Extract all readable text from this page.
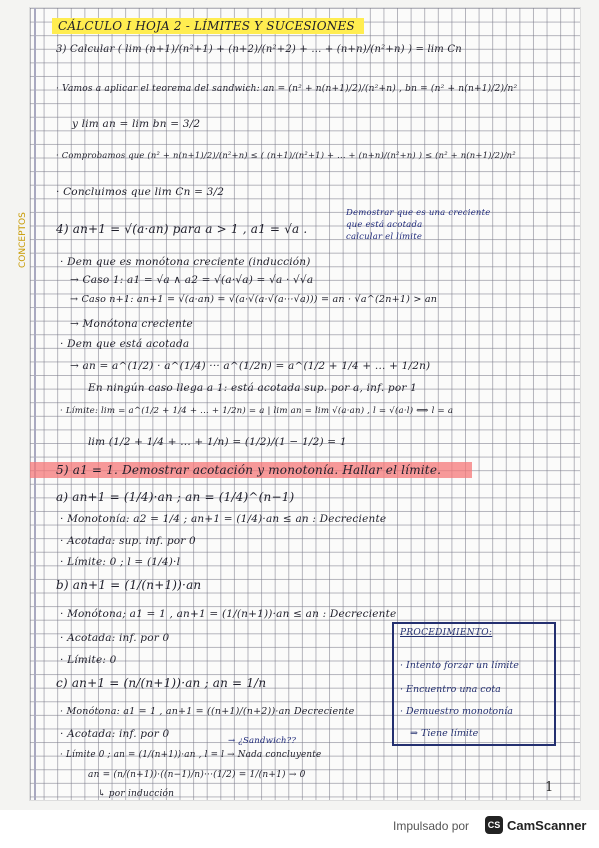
CÁLCULO I HOJA 2 - LÍMITES Y SUCESIONES
CONCEPTOS
3) Calcular ( lim (n+1)/(n²+1) + (n+2)/(n²+2) + ... + (n+n)/(n²+n) ) = lim Cn
· Vamos a aplicar el teorema del sandwich: an = (n² + n(n+1)/2)/(n²+n) , bn = (n² + n(n+1)/2)/n²
y lim an = lim bn = 3/2
· Comprobamos que (n² + n(n+1)/2)/(n²+n) ≤ ( (n+1)/(n²+1) + ... + (n+n)/(n²+n) ) ≤ (n² + n(n+1)/2)/n²
· Concluimos que lim Cn = 3/2
4) an+1 = √(a·an) para a > 1 , a1 = √a .
Demostrar que es una creciente
que está acotada
calcular el límite
· Dem que es monótona creciente (inducción)
→ Caso 1: a1 = √a ∧ a2 = √(a·√a) = √a · √√a
→ Caso n+1: an+1 = √(a·an) = √(a·√(a·√(a···√a))) = an · √a^(2n+1) > an
→ Monótona creciente
· Dem que está acotada
→ an = a^(1/2) · a^(1/4) ··· a^(1/2n) = a^(1/2 + 1/4 + ... + 1/2n)
En ningún caso llega a 1: está acotada sup. por a, inf. por 1
· Límite: lim = a^(1/2 + 1/4 + ... + 1/2n) = a | lim an = lim √(a·an) , l = √(a·l) ⟺ l = a
lim (1/2 + 1/4 + ... + 1/n) = (1/2)/(1 − 1/2) = 1
5) a1 = 1. Demostrar acotación y monotonía. Hallar el límite.
a) an+1 = (1/4)·an ; an = (1/4)^(n−1)
· Monotonía: a2 = 1/4 ; an+1 = (1/4)·an ≤ an : Decreciente
· Acotada: sup. inf. por 0
· Límite: 0 ; l = (1/4)·l
b) an+1 = (1/(n+1))·an
· Monótona; a1 = 1 , an+1 = (1/(n+1))·an ≤ an : Decreciente
· Acotada: inf. por 0
· Límite: 0
c) an+1 = (n/(n+1))·an ; an = 1/n
· Monótona: a1 = 1 , an+1 = ((n+1)/(n+2))·an Decreciente
· Acotada: inf. por 0
· Límite 0 ; an = (1/(n+1))·an , l = l → Nada concluyente
→ ¿Sandwich??
an = (n/(n+1))·((n−1)/n)···(1/2) = 1/(n+1) → 0
↳ por inducción
PROCEDIMIENTO:
· Intento forzar un límite
· Encuentro una cota
· Demuestro monotonía
⇒ Tiene límite
1
Impulsado por	CS CamScanner
